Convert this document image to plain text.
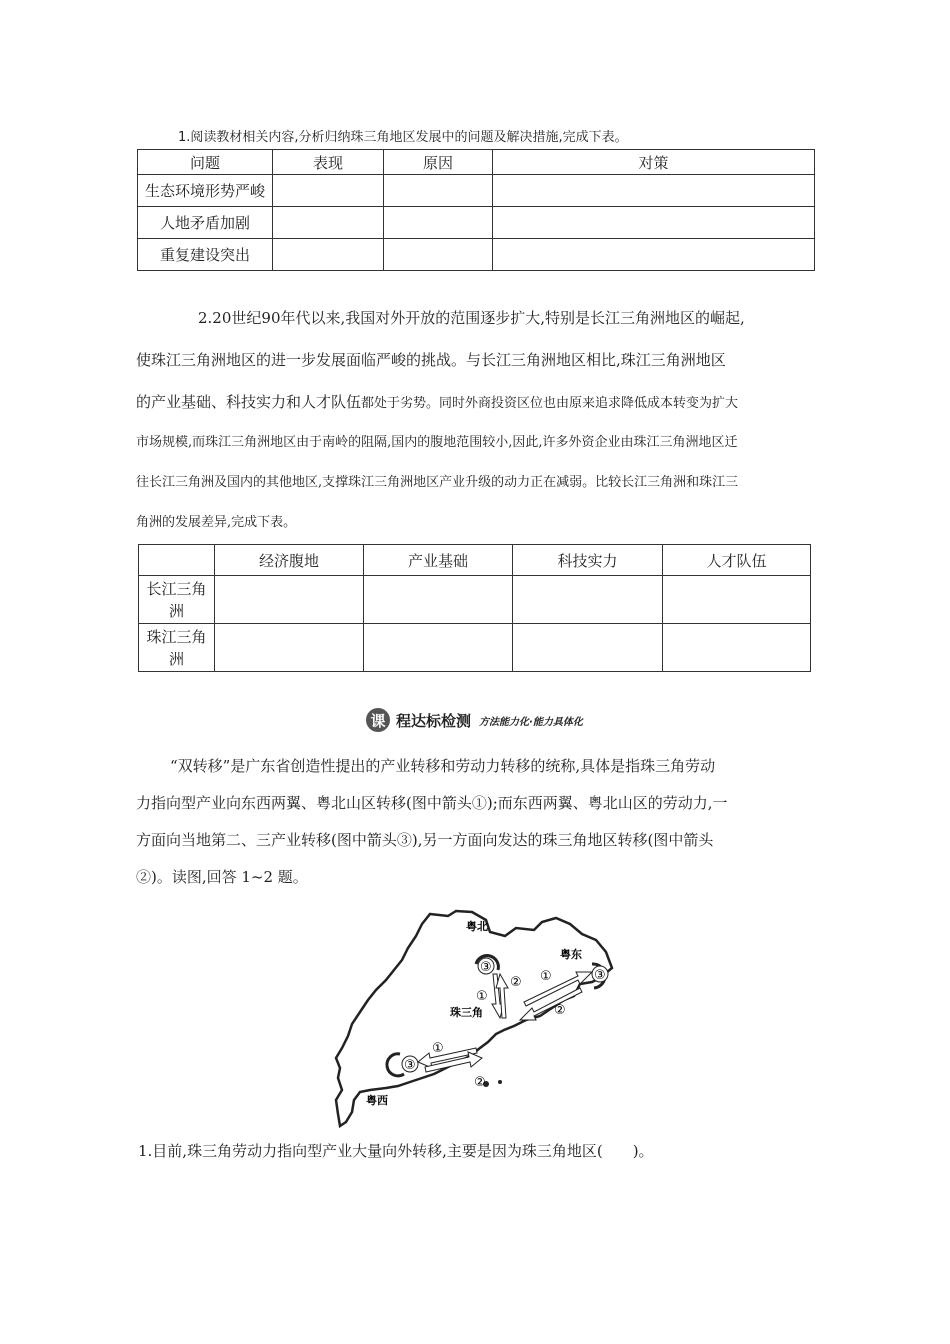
1.阅读教材相关内容,分析归纳珠三角地区发展中的问题及解决措施,完成下表。
问题	表现	原因	对策
生态环境形势严峻			
人地矛盾加剧			
重复建设突出			
2.20世纪90年代以来,我国对外开放的范围逐步扩大,特别是长江三角洲地区的崛起,
使珠江三角洲地区的进一步发展面临严峻的挑战。与长江三角洲地区相比,珠江三角洲地区
的产业基础、科技实力和人才队伍都处于劣势。同时外商投资区位也由原来追求降低成本转变为扩大
市场规模,而珠江三角洲地区由于南岭的阻隔,国内的腹地范围较小,因此,许多外资企业由珠江三角洲地区迁
往长江三角洲及国内的其他地区,支撑珠江三角洲地区产业升级的动力正在减弱。比较长江三角洲和珠江三
角洲的发展差异,完成下表。
	经济腹地	产业基础	科技实力	人才队伍
长江三角
洲				
珠江三角
洲				
课 程达标检测 方法能力化·能力具体化
“双转移”是广东省创造性提出的产业转移和劳动力转移的统称,具体是指珠三角劳动
力指向型产业向东西两翼、粤北山区转移(图中箭头①);而东西两翼、粤北山区的劳动力,一
方面向当地第二、三产业转移(图中箭头③),另一方面向发达的珠三角地区转移(图中箭头
②)。读图,回答 1~2 题。
粤北
粤东
珠三角
粤西
③
③
③
①
② ①
②
①
②
1.目前,珠三角劳动力指向型产业大量向外转移,主要是因为珠三角地区(　　)。
